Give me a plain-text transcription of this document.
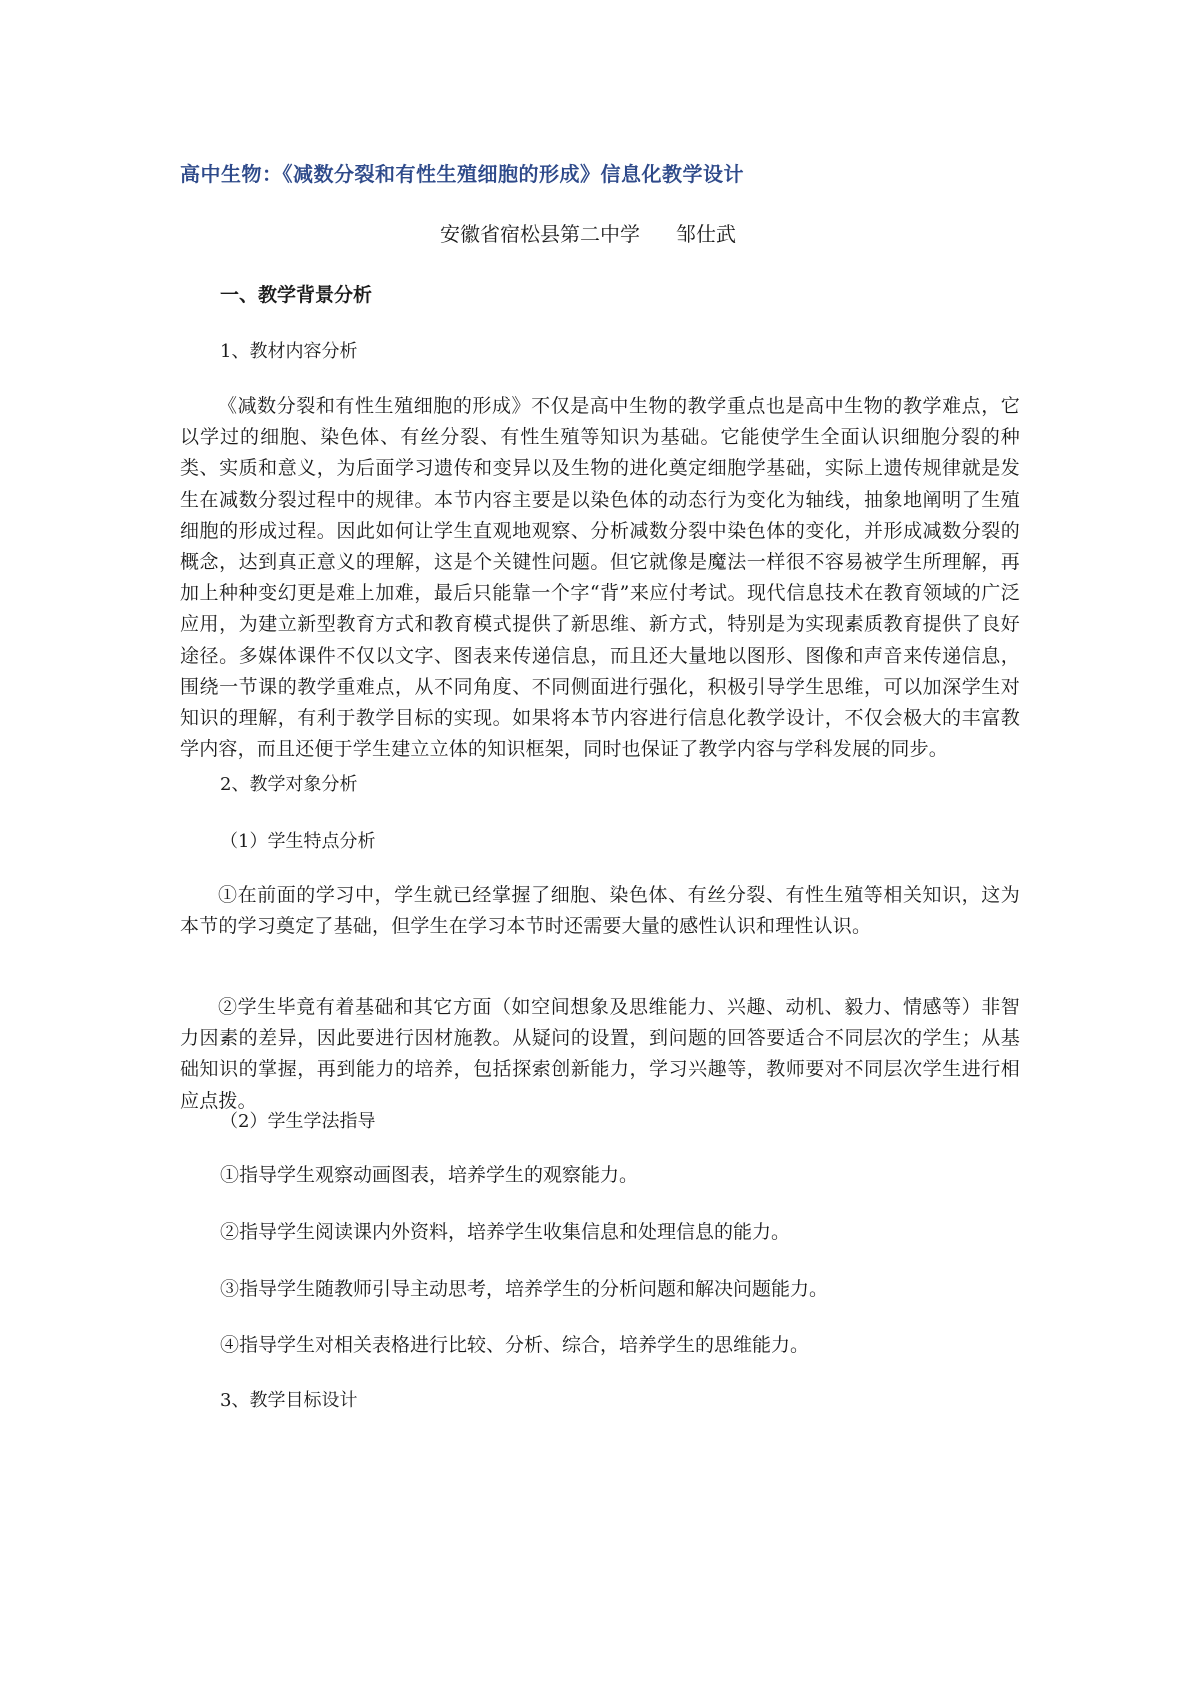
高中生物：《减数分裂和有性生殖细胞的形成》信息化教学设计
安徽省宿松县第二中学 邹仕武
一、教学背景分析
1、教材内容分析
《减数分裂和有性生殖细胞的形成》不仅是高中生物的教学重点也是高中生物的教学难点，它以学过的细胞、染色体、有丝分裂、有性生殖等知识为基础。它能使学生全面认识细胞分裂的种类、实质和意义，为后面学习遗传和变异以及生物的进化奠定细胞学基础，实际上遗传规律就是发生在减数分裂过程中的规律。本节内容主要是以染色体的动态行为变化为轴线，抽象地阐明了生殖细胞的形成过程。因此如何让学生直观地观察、分析减数分裂中染色体的变化，并形成减数分裂的概念，达到真正意义的理解，这是个关键性问题。但它就像是魔法一样很不容易被学生所理解，再加上种种变幻更是难上加难，最后只能靠一个字“背”来应付考试。现代信息技术在教育领域的广泛应用，为建立新型教育方式和教育模式提供了新思维、新方式，特别是为实现素质教育提供了良好途径。多媒体课件不仅以文字、图表来传递信息，而且还大量地以图形、图像和声音来传递信息， 围绕一节课的教学重难点，从不同角度、不同侧面进行强化，积极引导学生思维，可以加深学生对知识的理解，有利于教学目标的实现。如果将本节内容进行信息化教学设计，不仅会极大的丰富教学内容，而且还便于学生建立立体的知识框架，同时也保证了教学内容与学科发展的同步。
2、教学对象分析
（1）学生特点分析
①在前面的学习中，学生就已经掌握了细胞、染色体、有丝分裂、有性生殖等相关知识，这为本节的学习奠定了基础，但学生在学习本节时还需要大量的感性认识和理性认识。
②学生毕竟有着基础和其它方面（如空间想象及思维能力、兴趣、动机、毅力、情感等）非智力因素的差异，因此要进行因材施教。从疑问的设置，到问题的回答要适合不同层次的学生；从基础知识的掌握，再到能力的培养，包括探索创新能力，学习兴趣等，教师要对不同层次学生进行相应点拨。
（2）学生学法指导
①指导学生观察动画图表，培养学生的观察能力。
②指导学生阅读课内外资料，培养学生收集信息和处理信息的能力。
③指导学生随教师引导主动思考，培养学生的分析问题和解决问题能力。
④指导学生对相关表格进行比较、分析、综合，培养学生的思维能力。
3、教学目标设计
